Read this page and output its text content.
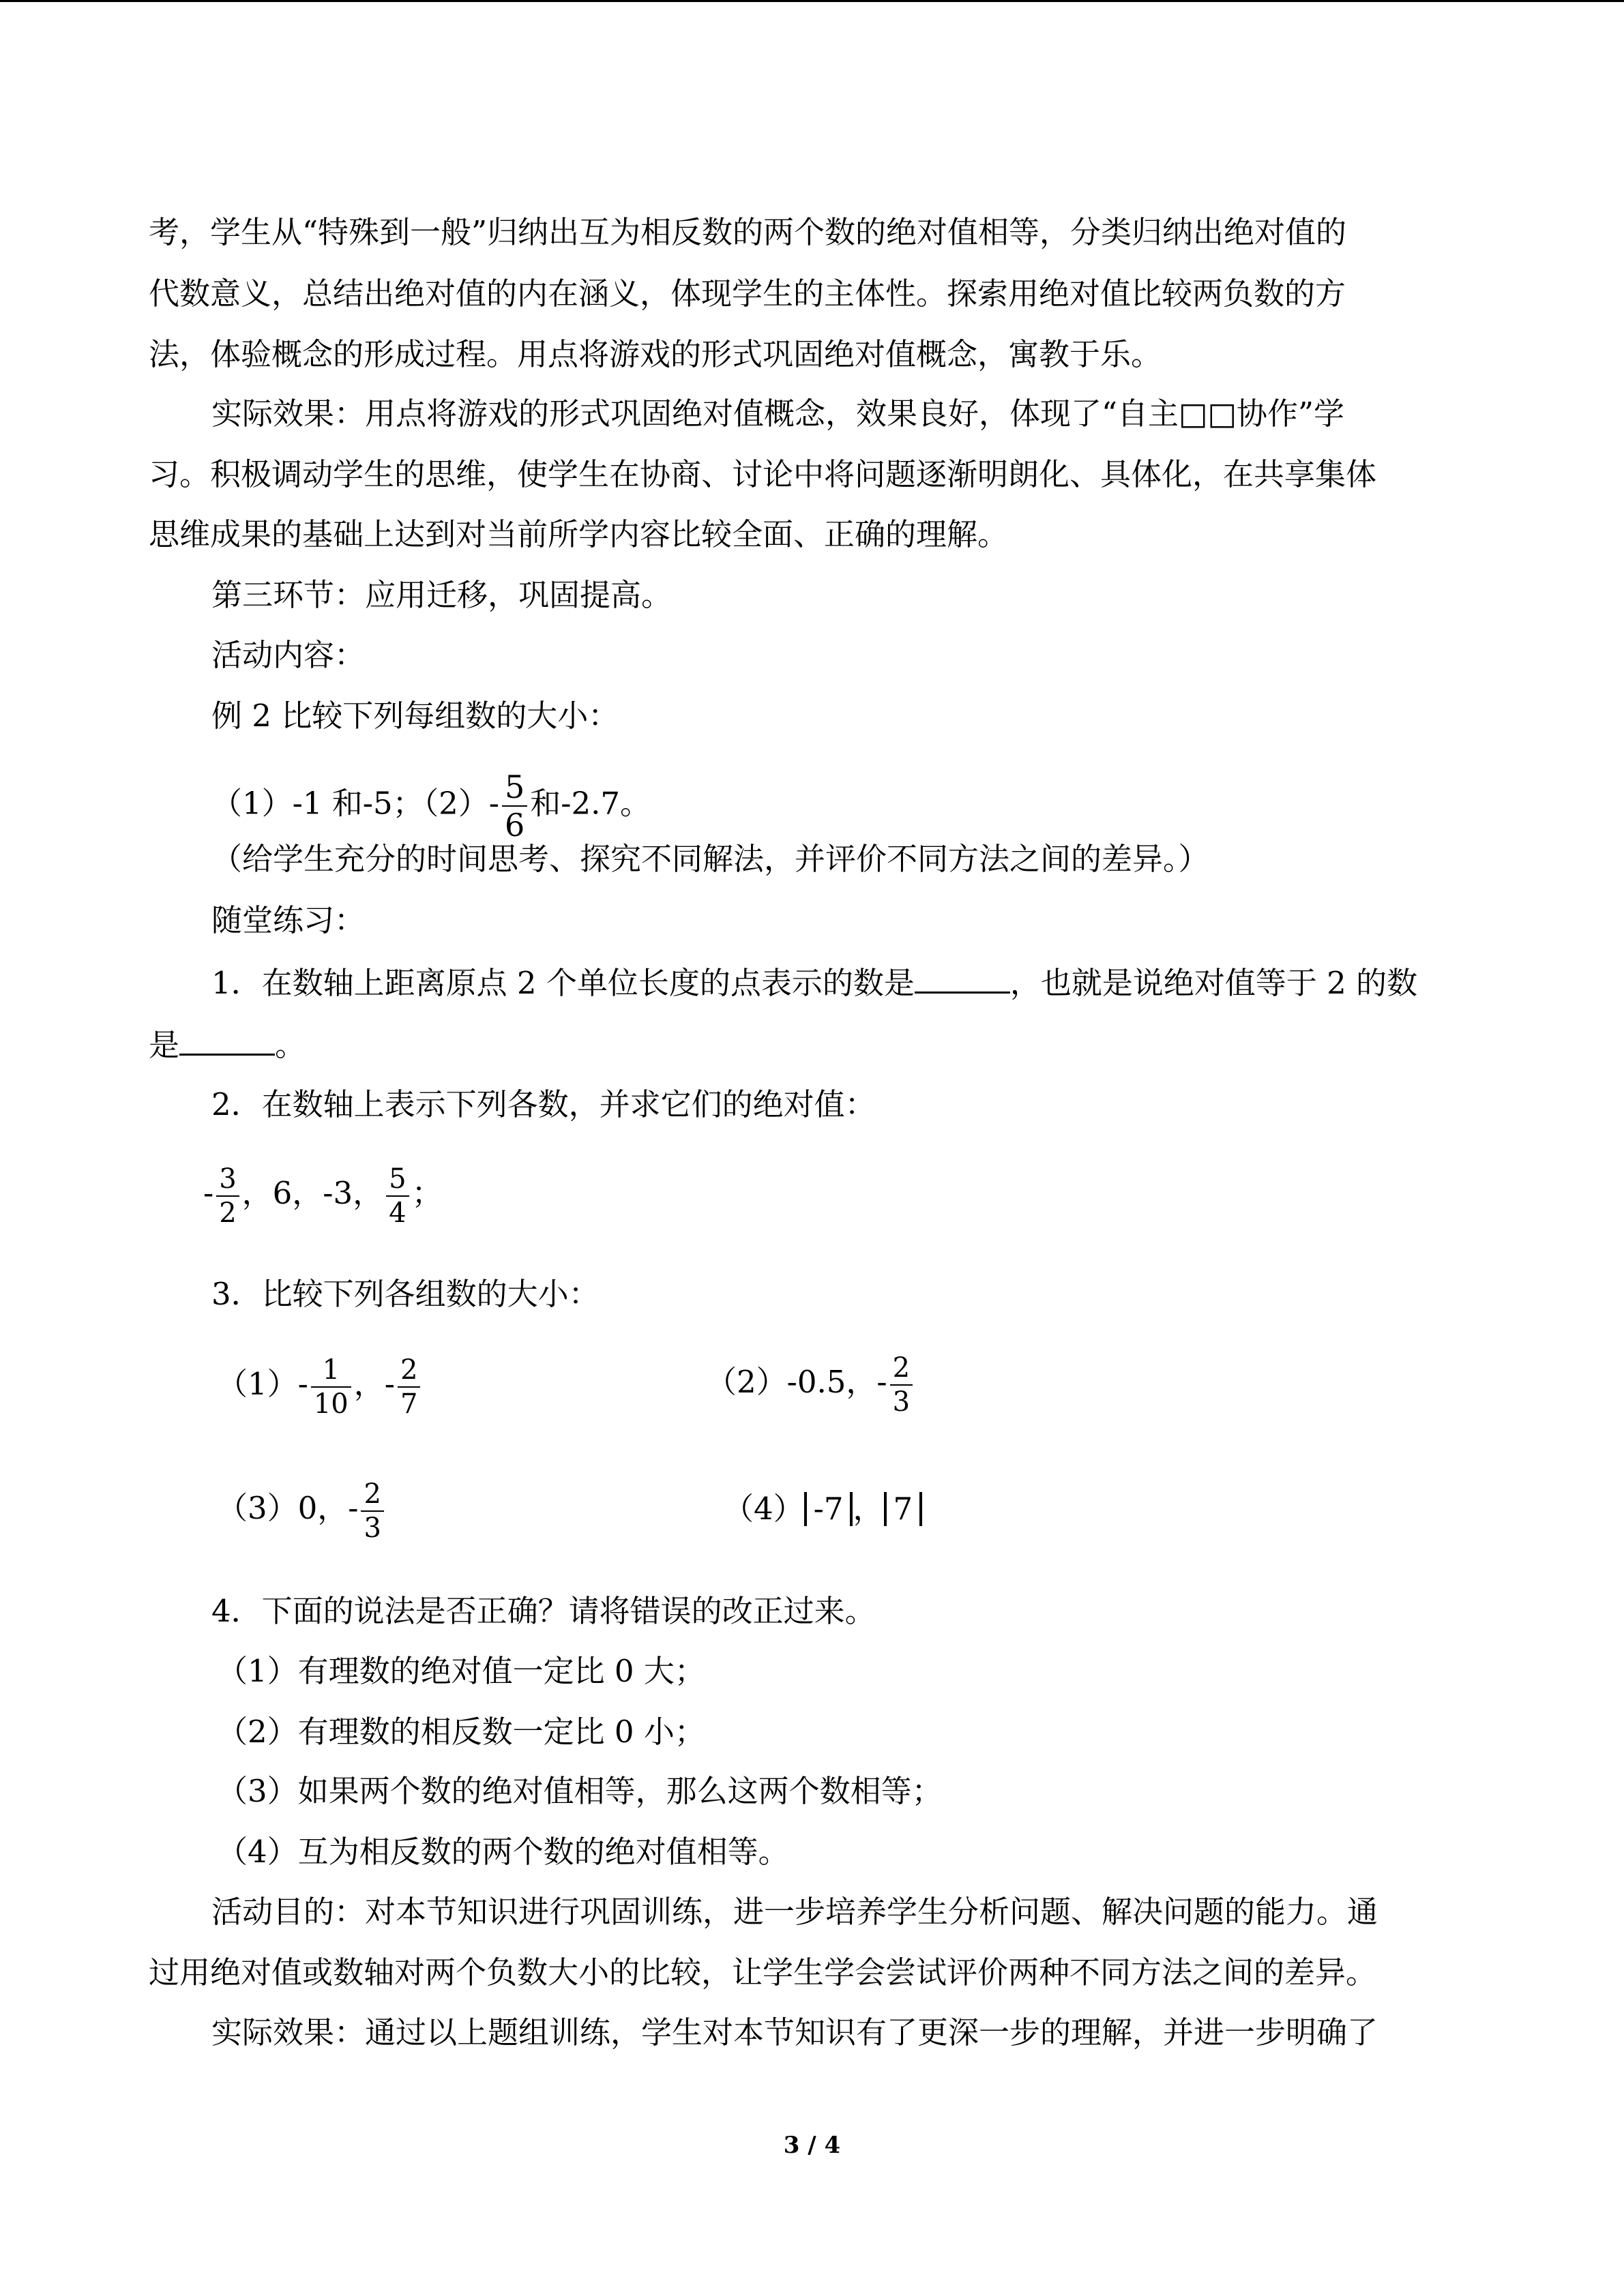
考，学生从“特殊到一般”归纳出互为相反数的两个数的绝对值相等，分类归纳出绝对值的
代数意义，总结出绝对值的内在涵义，体现学生的主体性。探索用绝对值比较两负数的方
法，体验概念的形成过程。用点将游戏的形式巩固绝对值概念，寓教于乐。
实际效果：用点将游戏的形式巩固绝对值概念，效果良好，体现了“自主□□协作”学
习。积极调动学生的思维，使学生在协商、讨论中将问题逐渐明朗化、具体化，在共享集体
思维成果的基础上达到对当前所学内容比较全面、正确的理解。
第三环节：应用迁移，巩固提高。
活动内容：
例 2 比较下列每组数的大小：
（1）-1 和-5；$(2)- \frac{5}{6}$ 和-2.7。
（给学生充分的时间思考、探究不同解法，并评价不同方法之间的差异。）
随堂练习：
1．在数轴上距离原点 2 个单位长度的点表示的数是	，也就是说绝对值等于 2 的数
是	。
2．在数轴上表示下列各数，并求它们的绝对值：
- $\frac{3}{2}$ ，6，-3， $\frac{5}{4}$ ；
3．比较下列各组数的大小：
$(1)- \frac{1}{10}$ ，- $\frac{2}{7}$	（2）-0.5，- $\frac{2}{3}$
（3）0，- $\frac{2}{3}$	（4） -7 ， 7
4．下面的说法是否正确？请将错误的改正过来。
（1）有理数的绝对值一定比 0 大；
（2）有理数的相反数一定比 0 小；
（3）如果两个数的绝对值相等，那么这两个数相等；
（4）互为相反数的两个数的绝对值相等。
活动目的：对本节知识进行巩固训练，进一步培养学生分析问题、解决问题的能力。通
过用绝对值或数轴对两个负数大小的比较，让学生学会尝试评价两种不同方法之间的差异。
实际效果：通过以上题组训练，学生对本节知识有了更深一步的理解，并进一步明确了
3 / 4
